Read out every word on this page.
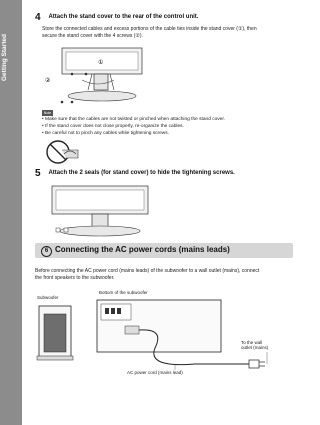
Getting Started
4 Attach the stand cover to the rear of the control unit.
Store the connected cables and excess portions of the cable ties inside the stand cover (①), then
secure the stand cover with the 4 screws (②).
①
②
Note
• Make sure that the cables are not twisted or pinched when attaching the stand cover.
• If the stand cover does not close properly, re-organize the cables.
• Be careful not to pinch any cables while tightening screws.
5 Attach the 2 seals (for stand cover) to hide the tightening screws.
6 Connecting the AC power cords (mains leads)
Before connecting the AC power cord (mains leads) of the subwoofer to a wall outlet (mains), connect
the front speakers to the subwoofer.
Subwoofer
Bottom of the subwoofer
To the wall
outlet (mains)
AC power cord (mains lead)
